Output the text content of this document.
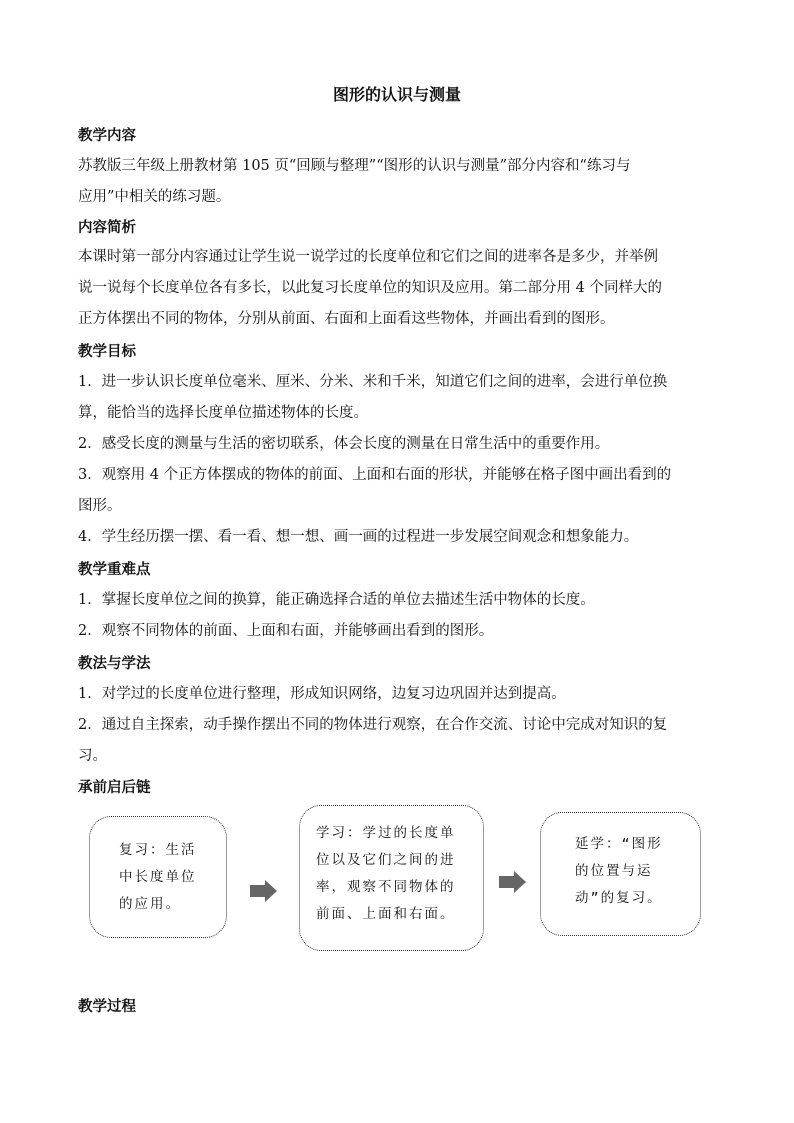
图形的认识与测量
教学内容
苏教版三年级上册教材第 105 页“回顾与整理”“图形的认识与测量”部分内容和“练习与
应用”中相关的练习题。
内容简析
本课时第一部分内容通过让学生说一说学过的长度单位和它们之间的进率各是多少，并举例
说一说每个长度单位各有多长，以此复习长度单位的知识及应用。第二部分用 4 个同样大的
正方体摆出不同的物体，分别从前面、右面和上面看这些物体，并画出看到的图形。
教学目标
1．进一步认识长度单位毫米、厘米、分米、米和千米，知道它们之间的进率，会进行单位换
算，能恰当的选择长度单位描述物体的长度。
2．感受长度的测量与生活的密切联系，体会长度的测量在日常生活中的重要作用。
3．观察用 4 个正方体摆成的物体的前面、上面和右面的形状，并能够在格子图中画出看到的
图形。
4．学生经历摆一摆、看一看、想一想、画一画的过程进一步发展空间观念和想象能力。
教学重难点
1．掌握长度单位之间的换算，能正确选择合适的单位去描述生活中物体的长度。
2．观察不同物体的前面、上面和右面，并能够画出看到的图形。
教法与学法
1．对学过的长度单位进行整理，形成知识网络，边复习边巩固并达到提高。
2．通过自主探索，动手操作摆出不同的物体进行观察，在合作交流、讨论中完成对知识的复
习。
承前启后链
复习：生活
中长度单位
的应用。
学习：学过的长度单
位以及它们之间的进
率，观察不同物体的
前面、上面和右面。
延学：“图形
的位置与运
动”的复习。
教学过程
